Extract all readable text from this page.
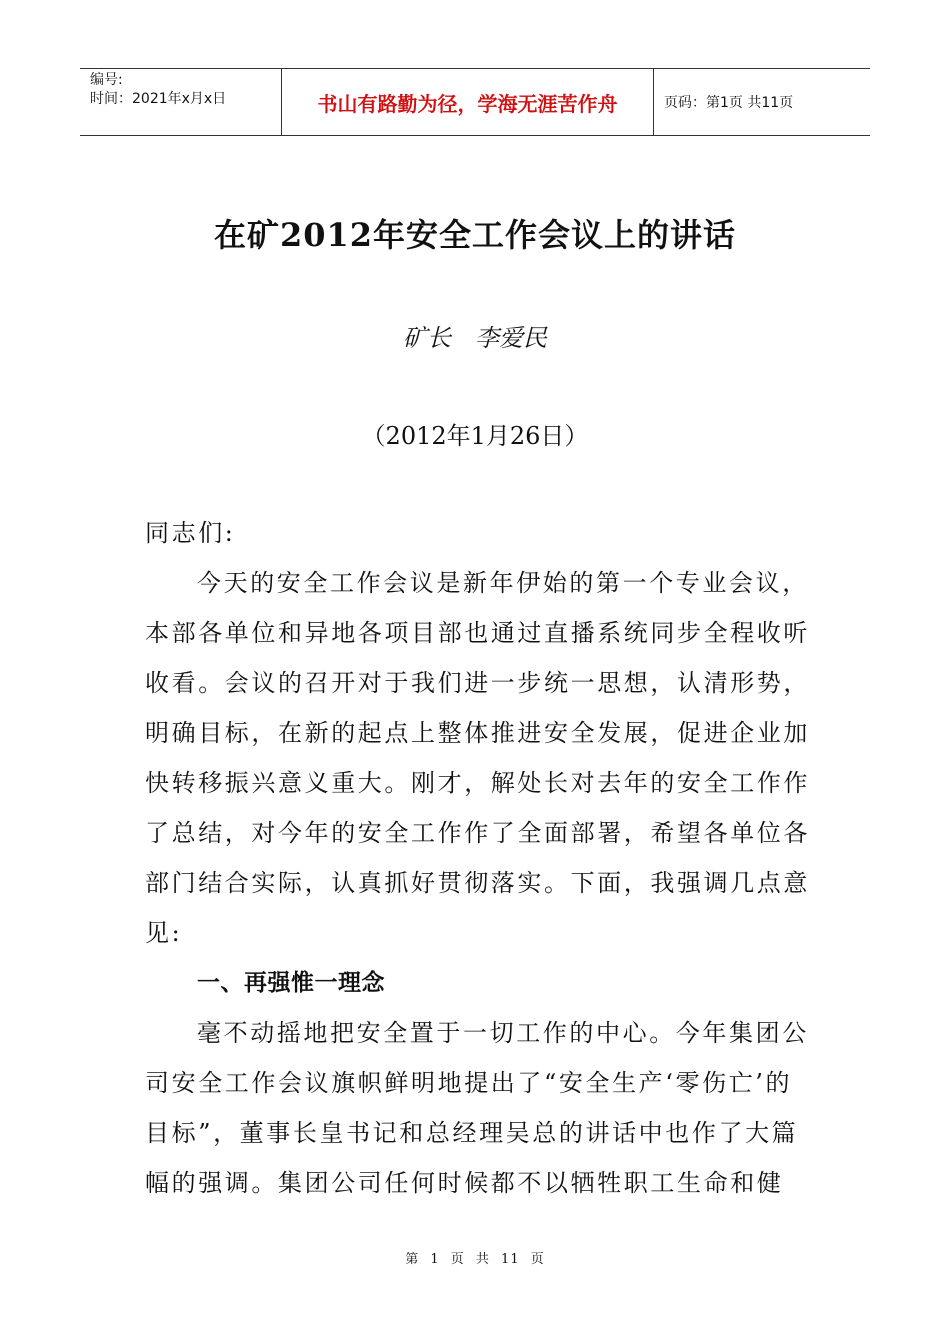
编号:
时间：2021年x月x日	书山有路勤为径，学海无涯苦作舟	页码：第1页 共11页
在矿2012年安全工作会议上的讲话
矿长　李爱民
（2012年1月26日）

同志们:

今天的安全工作会议是新年伊始的第一个专业会议，本部各单位和异地各项目部也通过直播系统同步全程收听收看。会议的召开对于我们进一步统一思想，认清形势，明确目标，在新的起点上整体推进安全发展，促进企业加快转移振兴意义重大。刚才，解处长对去年的安全工作作了总结，对今年的安全工作作了全面部署，希望各单位各部门结合实际，认真抓好贯彻落实。下面，我强调几点意见:

一、再强惟一理念

毫不动摇地把安全置于一切工作的中心。今年集团公司安全工作会议旗帜鲜明地提出了“安全生产‘零伤亡’的目标”，董事长皇书记和总经理吴总的讲话中也作了大篇幅的强调。集团公司任何时候都不以牺牲职工生命和健

第 1 页 共 11 页
